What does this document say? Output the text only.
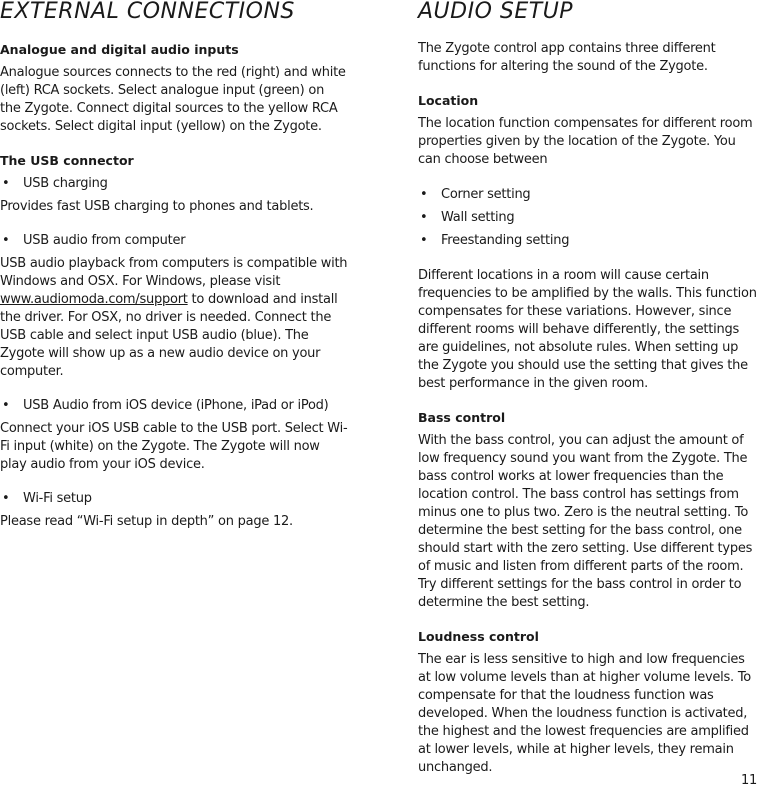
EXTERNAL CONNECTIONS
Analogue and digital audio inputs

Analogue sources connects to the red (right) and white (left) RCA sockets. Select analogue input (green) on the Zygote. Connect digital sources to the yellow RCA sockets. Select digital input (yellow) on the Zygote.

The USB connector
• USB charging

Provides fast USB charging to phones and tablets.

• USB audio from computer

USB audio playback from computers is compatible with Windows and OSX. For Windows, please visit www.audiomoda.com/support to download and install the driver. For OSX, no driver is needed. Connect the USB cable and select input USB audio (blue). The Zygote will show up as a new audio device on your computer.

• USB Audio from iOS device (iPhone, iPad or iPod)

Connect your iOS USB cable to the USB port. Select Wi-Fi input (white) on the Zygote. The Zygote will now play audio from your iOS device.

• Wi-Fi setup

Please read “Wi-Fi setup in depth” on page 12.

AUDIO SETUP

The Zygote control app contains three different functions for altering the sound of the Zygote.

Location

The location function compensates for different room properties given by the location of the Zygote. You can choose between

• Corner setting
• Wall setting
• Freestanding setting

Different locations in a room will cause certain frequencies to be amplified by the walls. This function compensates for these variations. However, since different rooms will behave differently, the settings are guidelines, not absolute rules. When setting up the Zygote you should use the setting that gives the best performance in the given room.

Bass control

With the bass control, you can adjust the amount of low frequency sound you want from the Zygote. The bass control works at lower frequencies than the location control. The bass control has settings from minus one to plus two. Zero is the neutral setting. To determine the best setting for the bass control, one should start with the zero setting. Use different types of music and listen from different parts of the room. Try different settings for the bass control in order to determine the best setting.

Loudness control

The ear is less sensitive to high and low frequencies at low volume levels than at higher volume levels. To compensate for that the loudness function was developed. When the loudness function is activated, the highest and the lowest frequencies are amplified at lower levels, while at higher levels, they remain unchanged.

11
